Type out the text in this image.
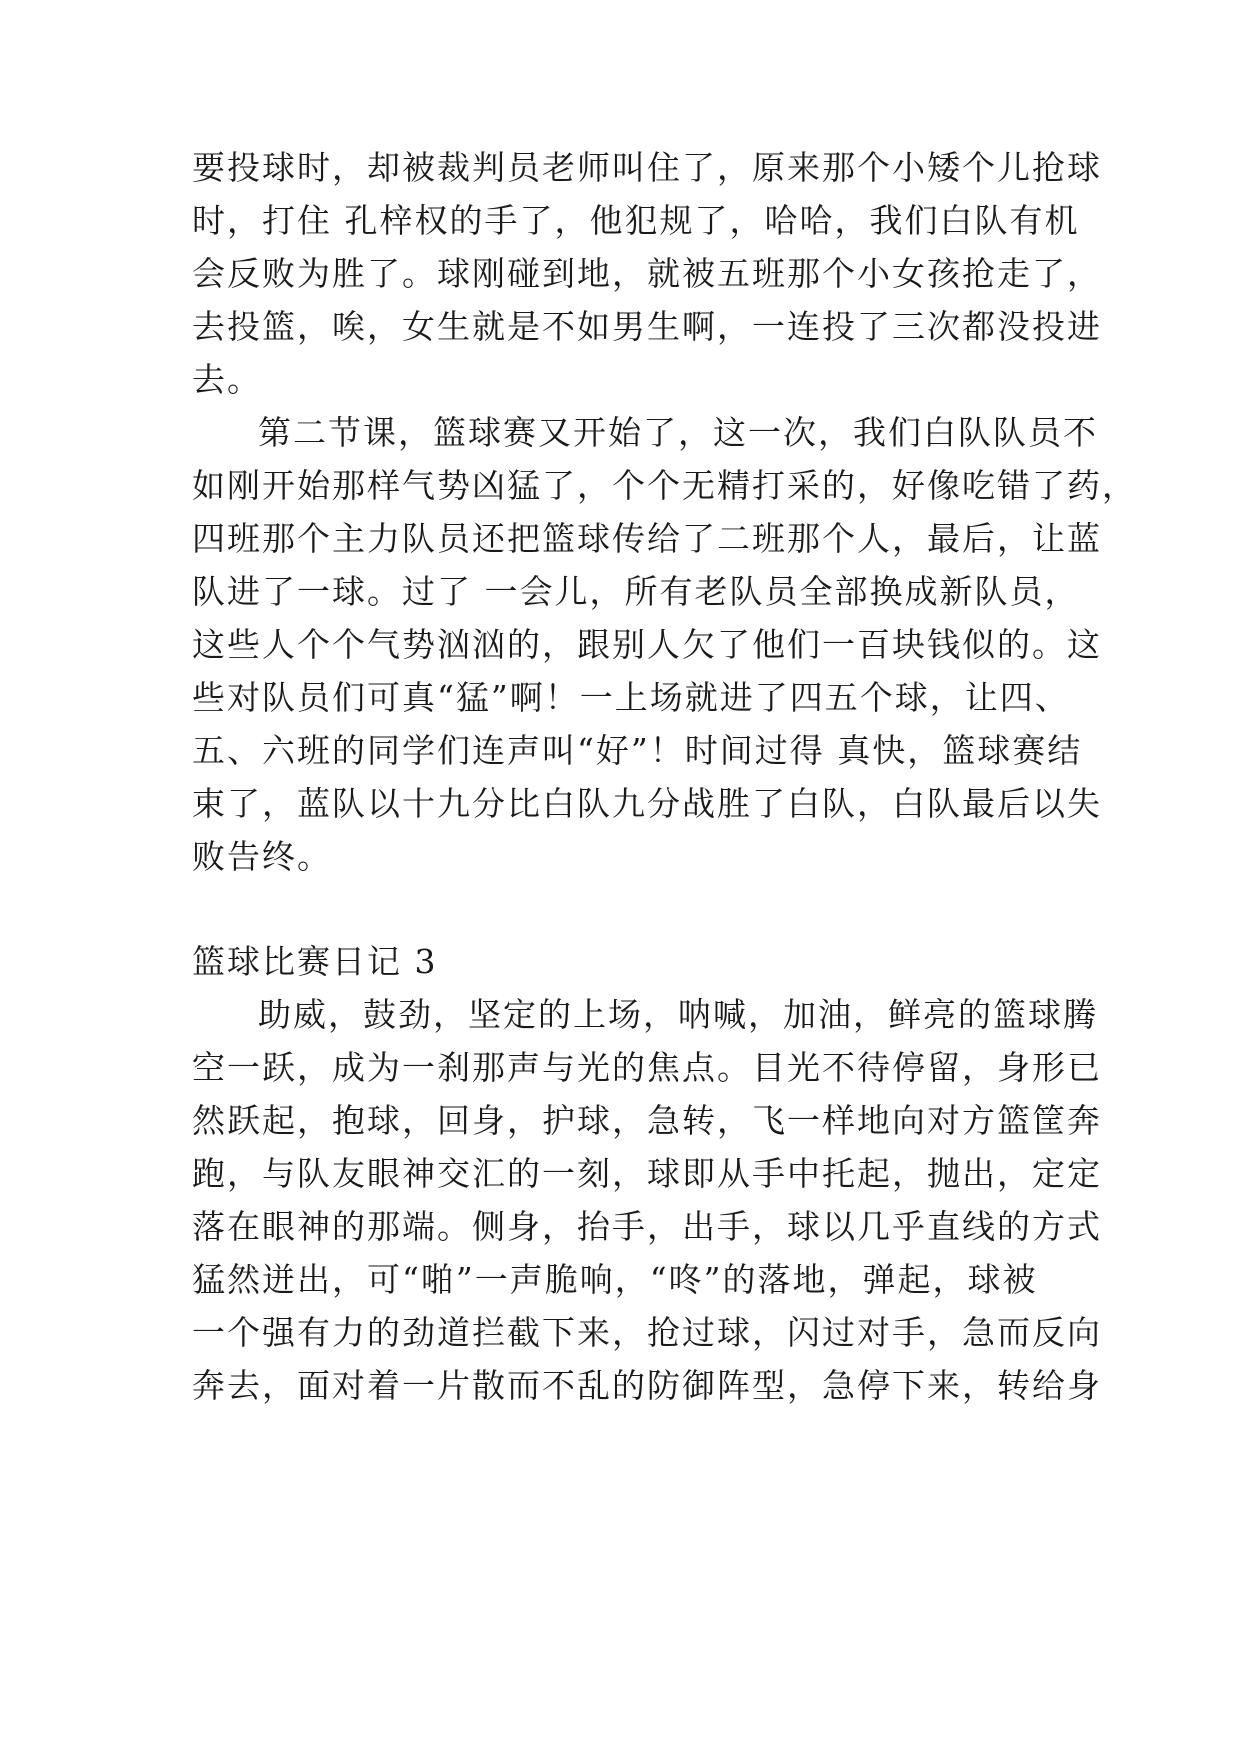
要投球时，却被裁判员老师叫住了，原来那个小矮个儿抢球
时，打住 孔梓权的手了，他犯规了，哈哈，我们白队有机
会反败为胜了。球刚碰到地，就被五班那个小女孩抢走了，
去投篮，唉，女生就是不如男生啊，一连投了三次都没投进
去。
第二节课，篮球赛又开始了，这一次，我们白队队员不
如刚开始那样气势凶猛了，个个无精打采的，好像吃错了药，
四班那个主力队员还把篮球传给了二班那个人，最后，让蓝
队进了一球。过了 一会儿，所有老队员全部换成新队员，
这些人个个气势汹汹的，跟别人欠了他们一百块钱似的。这
些对队员们可真“猛”啊！一上场就进了四五个球，让四、
五、六班的同学们连声叫“好”！时间过得 真快，篮球赛结
束了，蓝队以十九分比白队九分战胜了白队，白队最后以失
败告终。
篮球比赛日记 3
助威，鼓劲，坚定的上场，呐喊，加油，鲜亮的篮球腾
空一跃，成为一刹那声与光的焦点。目光不待停留，身形已
然跃起，抱球，回身，护球，急转，飞一样地向对方篮筐奔
跑，与队友眼神交汇的一刻，球即从手中托起，抛出，定定
落在眼神的那端。侧身，抬手，出手，球以几乎直线的方式
猛然迸出，可“啪”一声脆响，“咚”的落地，弹起，球被
一个强有力的劲道拦截下来，抢过球，闪过对手，急而反向
奔去，面对着一片散而不乱的防御阵型，急停下来，转给身
